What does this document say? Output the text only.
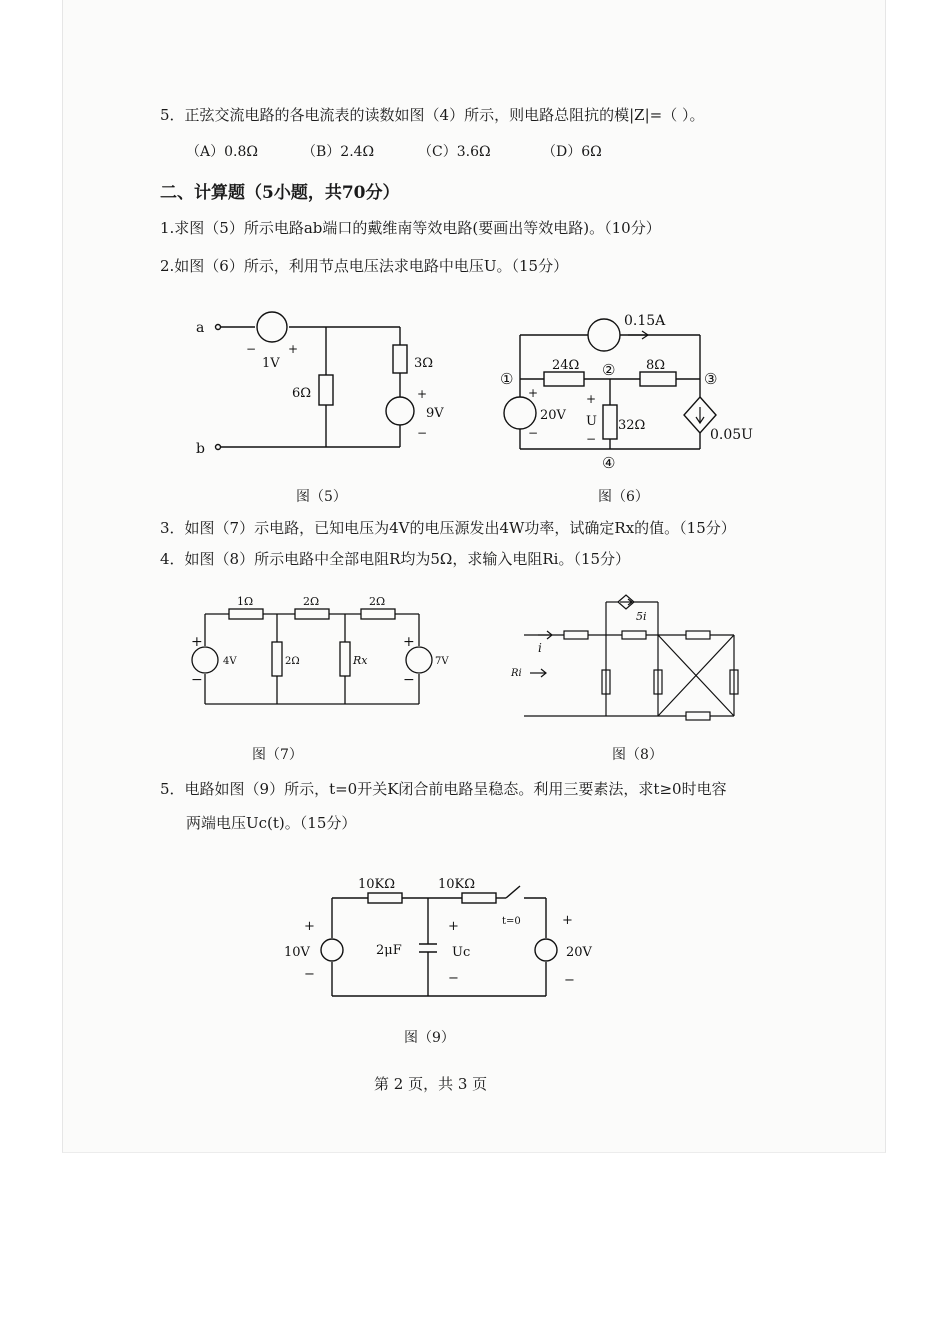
5．正弦交流电路的各电流表的读数如图（4）所示，则电路总阻抗的模|Z|=（ ）。
（A）0.8Ω	（B）2.4Ω	（C）3.6Ω	（D）6Ω
二、计算题（5小题，共70分）
1.求图（5）所示电路ab端口的戴维南等效电路(要画出等效电路)。（10分）
2.如图（6）所示，利用节点电压法求电路中电压U。（15分）
a
b
−	+
1V
6Ω
3Ω
+
9V
−
图（5）
0.15A
24Ω	8Ω
32Ω
20V
0.05U
+
−
+
U
−
①	②	③
④
图（6）
3．如图（7）示电路，已知电压为4V的电压源发出4W功率，试确定Rx的值。（15分）
4．如图（8）所示电路中全部电阻R均为5Ω，求输入电阻Ri。（15分）
1Ω	2Ω	2Ω
2Ω	Rx
4V	7V
+
−
+
−
图（7）
5i
i
Ri
图（8）
5．电路如图（9）所示，t=0开关K闭合前电路呈稳态。利用三要素法，求t≥0时电容
两端电压Uc(t)。（15分）
10KΩ	10KΩ
t=0
2μF
+
Uc
−
+
10V
−
+
20V
−
图（9）
第 2 页，共 3 页
